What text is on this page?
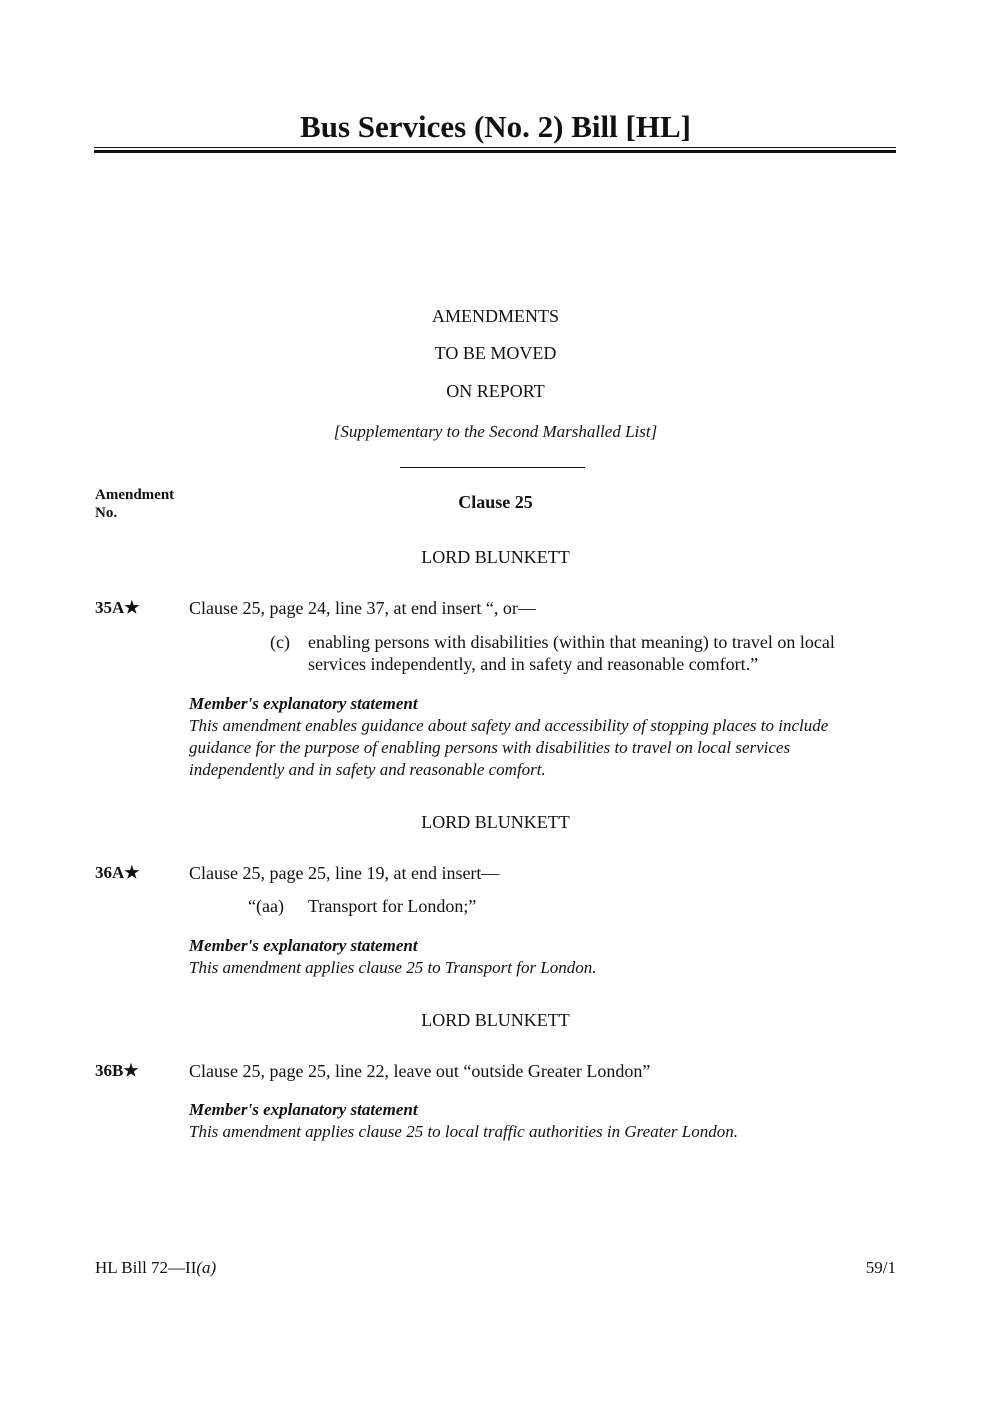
Bus Services (No. 2) Bill [HL]
AMENDMENTS
TO BE MOVED
ON REPORT
[Supplementary to the Second Marshalled List]
Amendment
No.
Clause 25
LORD BLUNKETT
35A★	Clause 25, page 24, line 37, at end insert “, or—
(c) enabling persons with disabilities (within that meaning) to travel on local
services independently, and in safety and reasonable comfort.”
Member's explanatory statement
This amendment enables guidance about safety and accessibility of stopping places to include
guidance for the purpose of enabling persons with disabilities to travel on local services
independently and in safety and reasonable comfort.
LORD BLUNKETT
36A★	Clause 25, page 25, line 19, at end insert—
“(aa) Transport for London;”
Member's explanatory statement
This amendment applies clause 25 to Transport for London.
LORD BLUNKETT
36B★	Clause 25, page 25, line 22, leave out “outside Greater London”
Member's explanatory statement
This amendment applies clause 25 to local traffic authorities in Greater London.
HL Bill 72—II(a)	59/1
